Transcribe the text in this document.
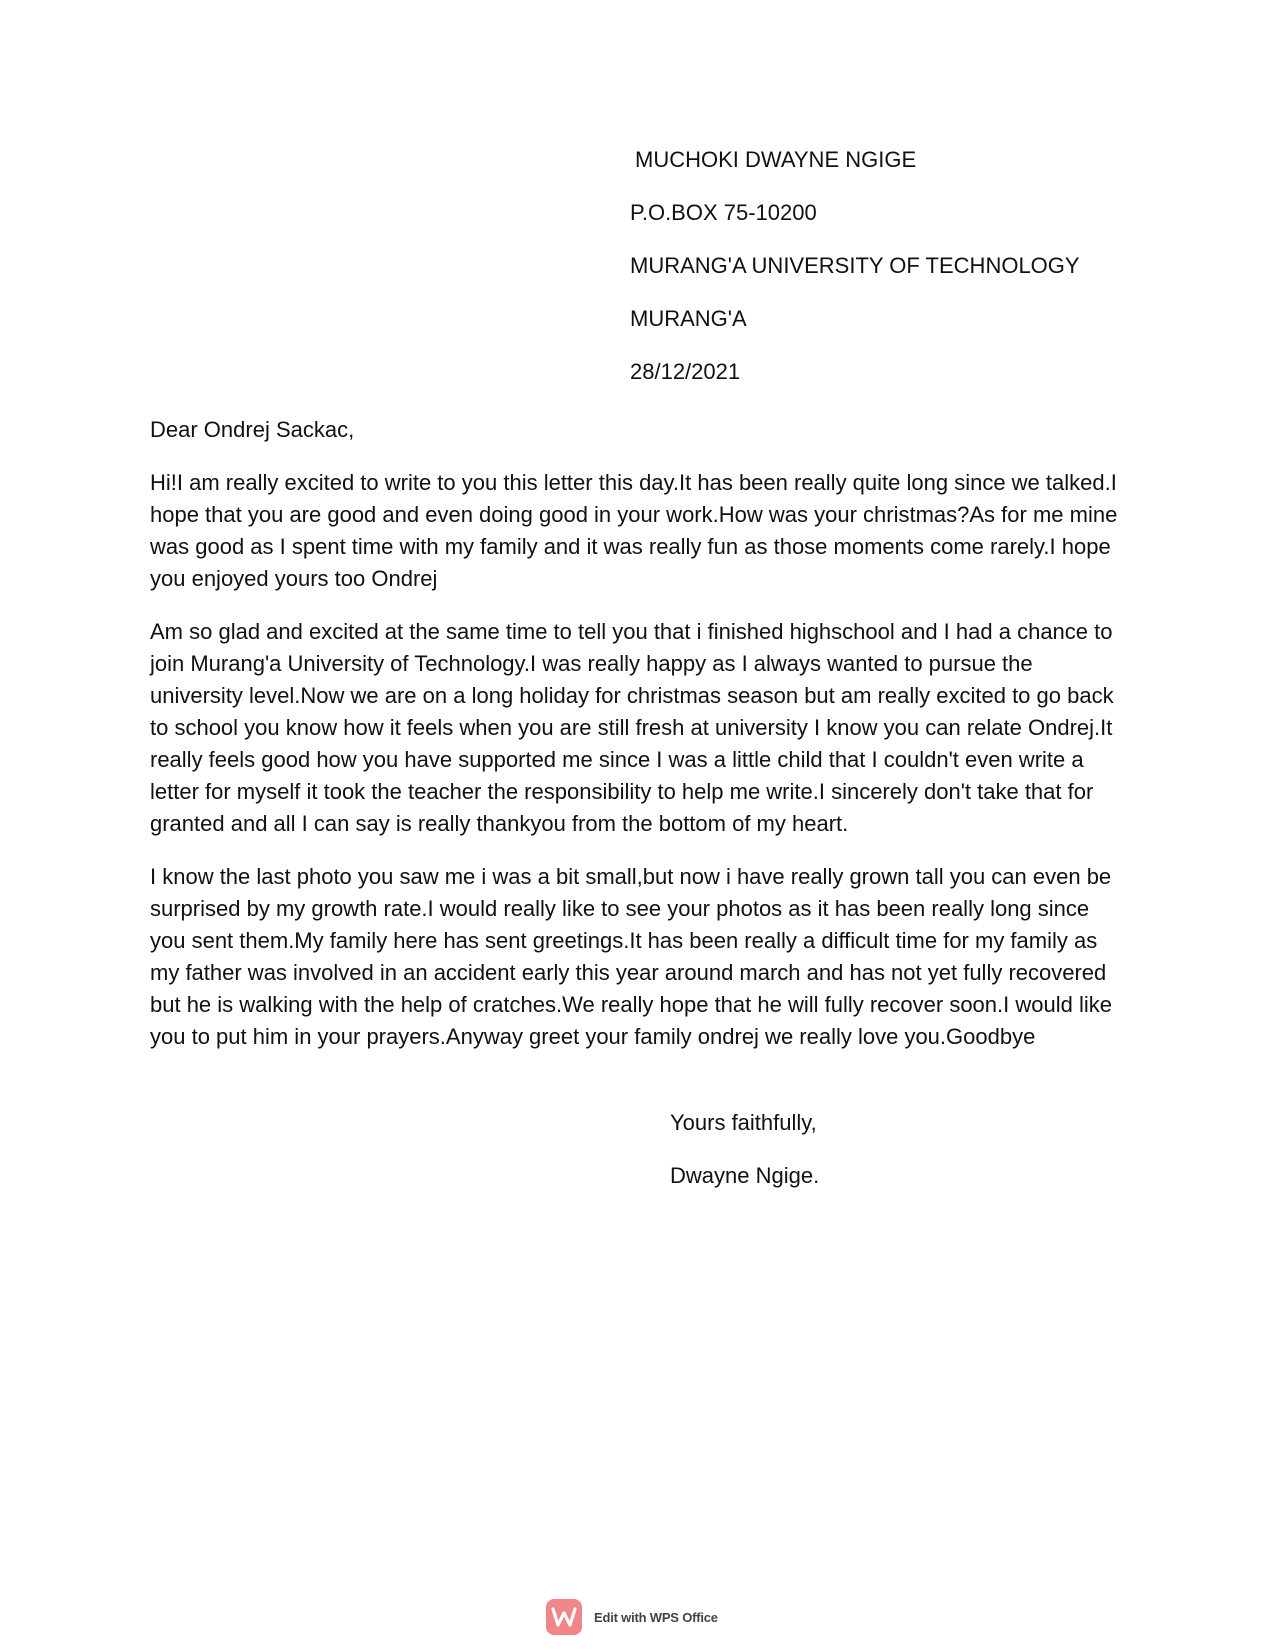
MUCHOKI DWAYNE NGIGE
P.O.BOX 75-10200
MURANG'A UNIVERSITY OF TECHNOLOGY
MURANG'A
28/12/2021
Dear Ondrej Sackac,
Hi!I am really excited to write to you this letter this day.It has been really quite long since we talked.I hope that you are good and even doing good in your work.How was your christmas?As for me mine was good as I spent time with my family and it was really fun as those moments come rarely.I hope you enjoyed yours too Ondrej
Am so glad and excited at the same time to tell you that i finished highschool and I had a chance to join Murang'a University of Technology.I was really happy as I always wanted to pursue the university level.Now we are on a long holiday for christmas season but am really excited to go back to school you know how it feels when you are still fresh at university I know you can relate Ondrej.It really feels good how you have supported me since I was a little child that I couldn't even write a letter for myself it took the teacher the responsibility to help me write.I sincerely don't take that for granted and all I can say is really thankyou from the bottom of my heart.
I know the last photo you saw me i was a bit small,but now i have really grown tall you can even be surprised by my growth rate.I would really like to see your photos as it has been really long since you sent them.My family here has sent greetings.It has been really a difficult time for my family as my father was involved in an accident early this year around march and has not yet fully recovered but he is walking with the help of cratches.We really hope that he will fully recover soon.I would like you to put him in your prayers.Anyway greet your family ondrej we really love you.Goodbye
Yours faithfully,
Dwayne Ngige.
Edit with WPS Office
